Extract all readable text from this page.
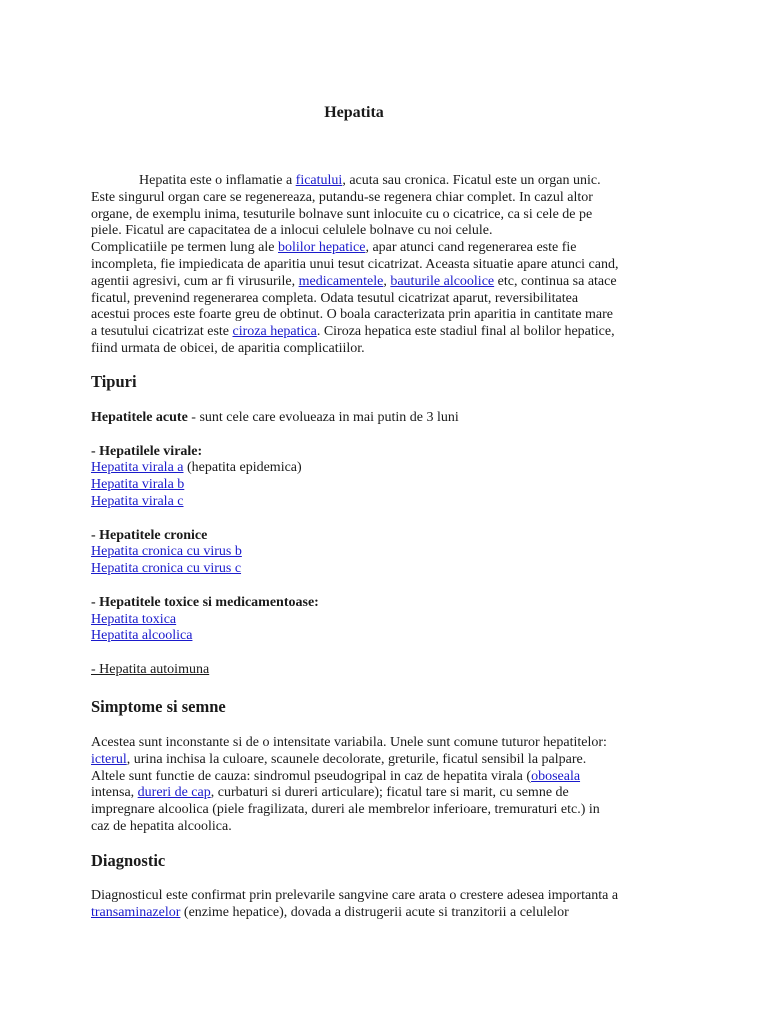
Hepatita

Hepatita este o inflamatie a ficatului, acuta sau cronica. Ficatul este un organ unic.

Este singurul organ care se regenereaza, putandu-se regenera chiar complet. In cazul altor

organe, de exemplu inima, tesuturile bolnave sunt inlocuite cu o cicatrice, ca si cele de pe

piele. Ficatul are capacitatea de a inlocui celulele bolnave cu noi celule.

Complicatiile pe termen lung ale bolilor hepatice, apar atunci cand regenerarea este fie

incompleta, fie impiedicata de aparitia unui tesut cicatrizat. Aceasta situatie apare atunci cand,

agentii agresivi, cum ar fi virusurile, medicamentele, bauturile alcoolice etc, continua sa atace

ficatul, prevenind regenerarea completa. Odata tesutul cicatrizat aparut, reversibilitatea

acestui proces este foarte greu de obtinut. O boala caracterizata prin aparitia in cantitate mare

a tesutului cicatrizat este ciroza hepatica. Ciroza hepatica este stadiul final al bolilor hepatice,

fiind urmata de obicei, de aparitia complicatiilor.

Tipuri

Hepatitele acute - sunt cele care evolueaza in mai putin de 3 luni

- Hepatilele virale:

Hepatita virala a (hepatita epidemica)

Hepatita virala b

Hepatita virala c

- Hepatitele cronice

Hepatita cronica cu virus b

Hepatita cronica cu virus c

- Hepatitele toxice si medicamentoase:

Hepatita toxica

Hepatita alcoolica

- Hepatita autoimuna

Simptome si semne

Acestea sunt inconstante si de o intensitate variabila. Unele sunt comune tuturor hepatitelor:

icterul, urina inchisa la culoare, scaunele decolorate, greturile, ficatul sensibil la palpare.

Altele sunt functie de cauza: sindromul pseudogripal in caz de hepatita virala (oboseala

intensa, dureri de cap, curbaturi si dureri articulare); ficatul tare si marit, cu semne de

impregnare alcoolica (piele fragilizata, dureri ale membrelor inferioare, tremuraturi etc.) in

caz de hepatita alcoolica.

Diagnostic

Diagnosticul este confirmat prin prelevarile sangvine care arata o crestere adesea importanta a

transaminazelor (enzime hepatice), dovada a distrugerii acute si tranzitorii a celulelor
